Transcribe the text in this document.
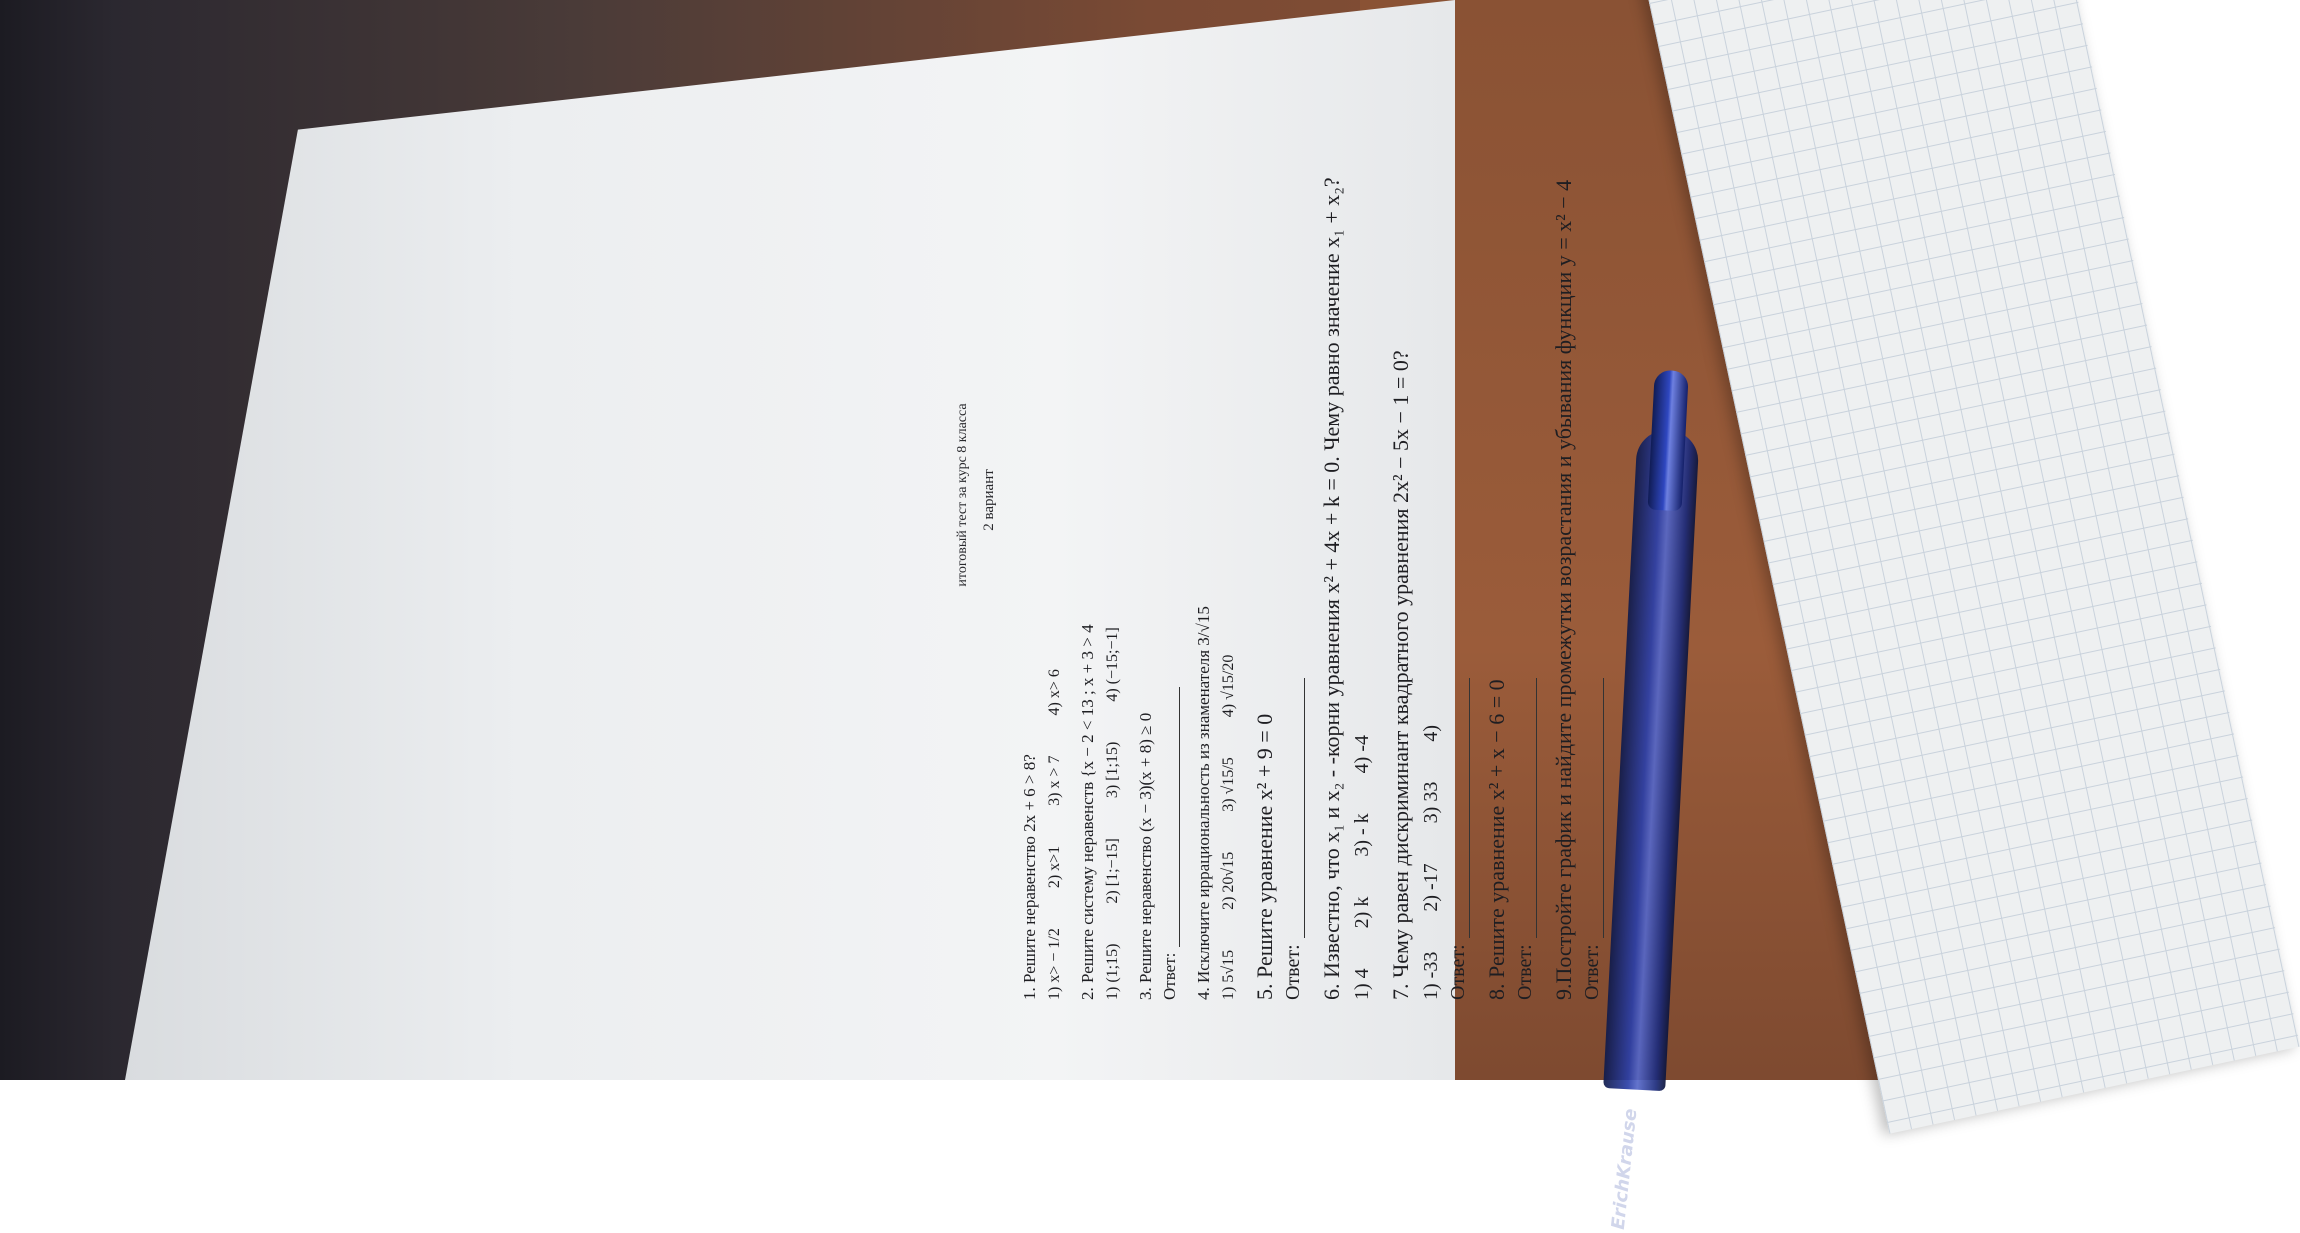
итоговый тест за курс 8 класса 2 вариант
1. Решите неравенство 2x + 6 > 8? 1) x> − 1/2
2) x>1
3) x > 7
4) x> 6 2. Решите систему неравенств {x − 2 < 13 ; x + 3 > 4 1) (1;15)
2) [1;−15]
3) [1;15)
4) (−15;−1]
3. Решите неравенство (x − 3)(x + 8) ≥ 0 Ответ: 4. Исключите иррациональность из знаменателя 3/√15 1) 5√15
2) 20√15
3) √15/5
4) √15/20
5. Решите уравнение x² + 9 = 0 Ответ: 6. Известно, что x₁ и x₂ - -корни уравнения x² + 4x + k = 0. Чему равно значение x₁ + x₂? 1) 4
2) k
3) - k
4) -4 7. Чему равен дискриминант квадратного уравнения 2x² − 5x − 1 = 0? 1) -33
2) -17
3) 33
4)
Ответ: 8. Решите уравнение x² + x − 6 = 0 Ответ: 9.Постройте график и найдите промежутки возрастания и убывания функции y = x² − 4 Ответ:
ErichKrause
